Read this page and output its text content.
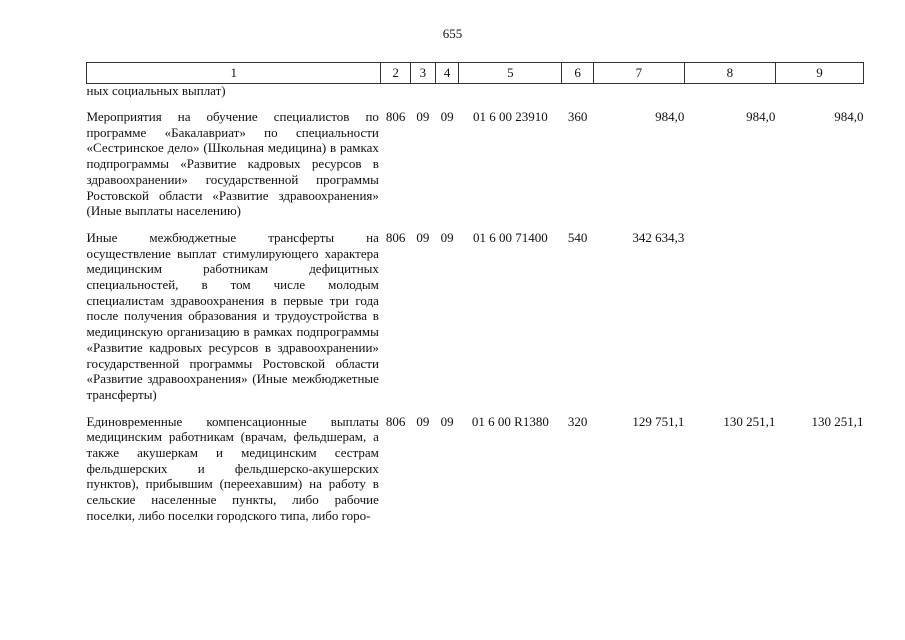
655
1	2	3	4	5	6	7	8	9
ных социальных выплат)								

Мероприятия на обучение специалистов по программе «Бакалавриат» по специальности «Сестринское дело» (Школьная медицина) в рамках подпрограммы «Развитие кадровых ресурсов в здравоохранении» государственной программы Ростовской области «Развитие здравоохранения» (Иные выплаты населению)	806	09	09	01 6 00 23910	360	984,0	984,0	984,0

Иные межбюджетные трансферты на осуществление выплат стимулирующего характера медицинским работникам дефицитных специальностей, в том числе молодым специалистам здравоохранения в первые три года после получения образования и трудоустройства в медицинскую организацию в рамках подпрограммы «Развитие кадровых ресурсов в здравоохранении» государственной программы Ростовской области «Развитие здравоохранения» (Иные межбюджетные трансферты)	806	09	09	01 6 00 71400	540	342 634,3		

Единовременные компенсационные выплаты медицинским работникам (врачам, фельдшерам, а также акушеркам и медицинским сестрам фельдшерских и фельдшерско-акушерских пунктов), прибывшим (переехавшим) на работу в сельские населенные пункты, либо рабочие поселки, либо поселки городского типа, либо горо-	806	09	09	01 6 00 R1380	320	129 751,1	130 251,1	130 251,1
